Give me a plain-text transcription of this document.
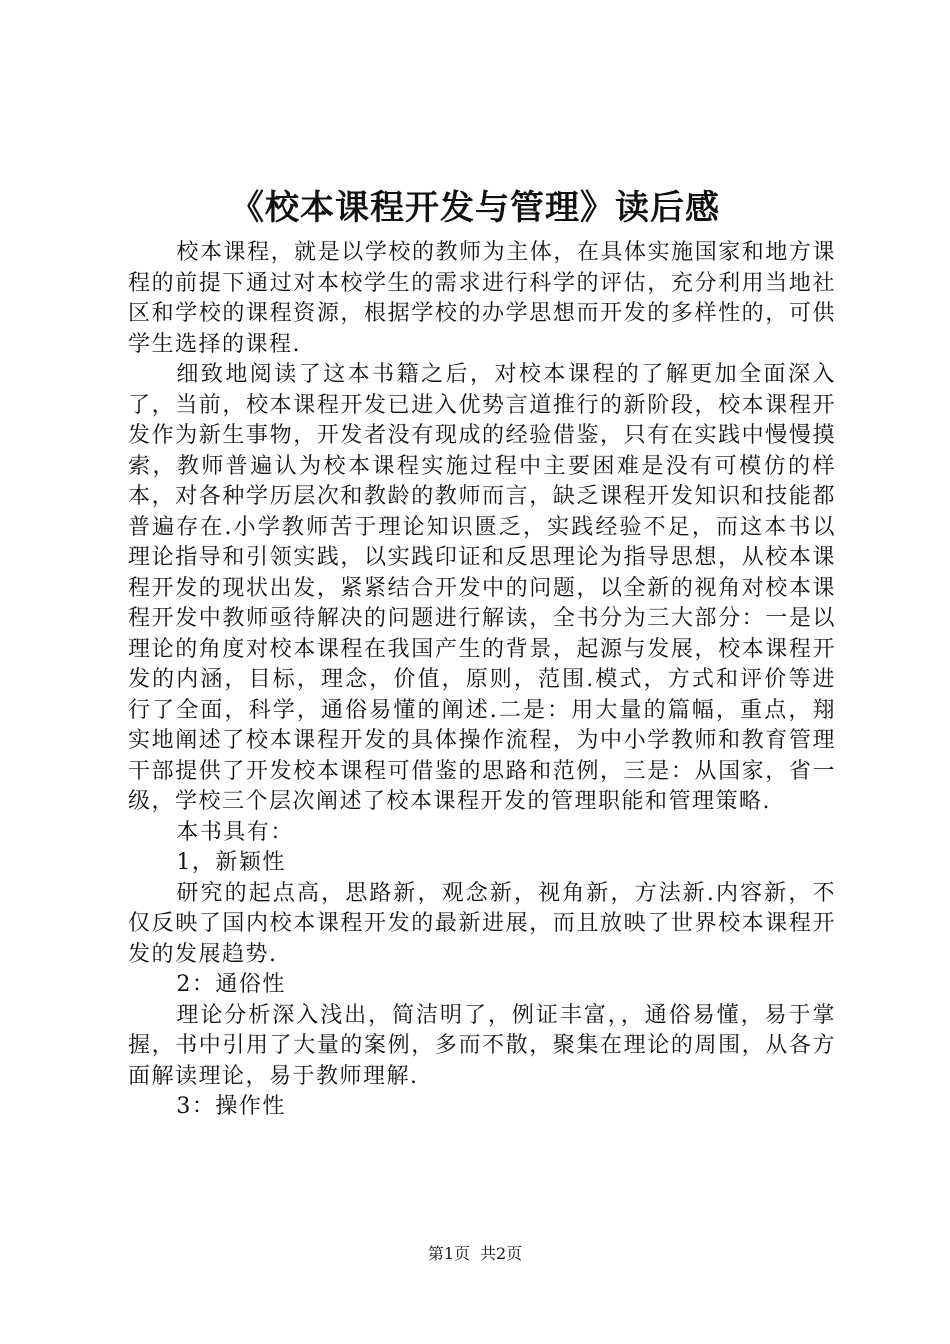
《校本课程开发与管理》读后感

校本课程，就是以学校的教师为主体，在具体实施国家和地方课程的前提下通过对本校学生的需求进行科学的评估，充分利用当地社区和学校的课程资源，根据学校的办学思想而开发的多样性的，可供学生选择的课程.

细致地阅读了这本书籍之后，对校本课程的了解更加全面深入了，当前，校本课程开发已进入优势言道推行的新阶段，校本课程开发作为新生事物，开发者没有现成的经验借鉴，只有在实践中慢慢摸索，教师普遍认为校本课程实施过程中主要困难是没有可模仿的样本，对各种学历层次和教龄的教师而言，缺乏课程开发知识和技能都普遍存在.小学教师苦于理论知识匮乏，实践经验不足，而这本书以理论指导和引领实践，以实践印证和反思理论为指导思想，从校本课程开发的现状出发，紧紧结合开发中的问题，以全新的视角对校本课程开发中教师亟待解决的问题进行解读，全书分为三大部分：一是以理论的角度对校本课程在我国产生的背景，起源与发展，校本课程开发的内涵，目标，理念，价值，原则，范围.模式，方式和评价等进行了全面，科学，通俗易懂的阐述.二是：用大量的篇幅，重点，翔实地阐述了校本课程开发的具体操作流程，为中小学教师和教育管理干部提供了开发校本课程可借鉴的思路和范例，三是：从国家，省一级，学校三个层次阐述了校本课程开发的管理职能和管理策略.

本书具有：

1，新颖性

研究的起点高，思路新，观念新，视角新，方法新.内容新，不仅反映了国内校本课程开发的最新进展，而且放映了世界校本课程开发的发展趋势.

2：通俗性

理论分析深入浅出，简洁明了，例证丰富，，通俗易懂，易于掌握，书中引用了大量的案例，多而不散，聚集在理论的周围，从各方面解读理论，易于教师理解.

3：操作性

第1页 共2页
